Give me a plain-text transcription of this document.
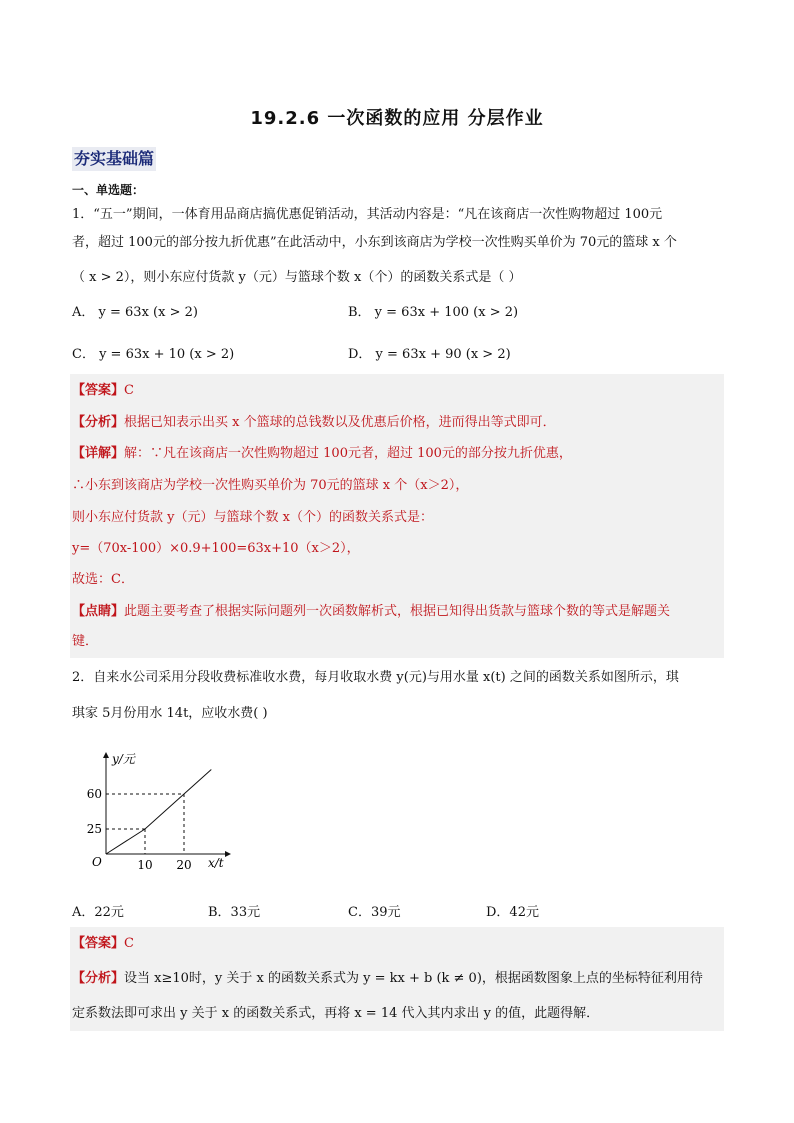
19.2.6 一次函数的应用 分层作业
夯实基础篇
一、单选题：
1．“五一”期间，一体育用品商店搞优惠促销活动，其活动内容是：“凡在该商店一次性购物超过 100元
者，超过 100元的部分按九折优惠”在此活动中，小东到该商店为学校一次性购买单价为 70元的篮球 x 个
（ x > 2），则小东应付货款 y（元）与篮球个数 x（个）的函数关系式是（ ）
A． y = 63x (x > 2)	B． y = 63x + 100 (x > 2)
C． y = 63x + 10 (x > 2)	D． y = 63x + 90 (x > 2)
【答案】C
【分析】根据已知表示出买 x 个篮球的总钱数以及优惠后价格，进而得出等式即可．
【详解】解：∵凡在该商店一次性购物超过 100元者，超过 100元的部分按九折优惠，
∴小东到该商店为学校一次性购买单价为 70元的篮球 x 个（x＞2），
则小东应付货款 y（元）与篮球个数 x（个）的函数关系式是：
y=（70x-100）×0.9+100=63x+10（x＞2），
故选：C．
【点睛】此题主要考查了根据实际问题列一次函数解析式，根据已知得出货款与篮球个数的等式是解题关
键．
2．自来水公司采用分段收费标准收水费，每月收取水费 y(元)与用水量 x(t) 之间的函数关系如图所示，琪
琪家 5月份用水 14t，应收水费( )
y/元
x/t
O	10 20
25
60
A．22元	B．33元	C．39元	D．42元
【答案】C
【分析】设当 x≥10时，y 关于 x 的函数关系式为 y = kx + b (k ≠ 0)，根据函数图象上点的坐标特征利用待
定系数法即可求出 y 关于 x 的函数关系式，再将 x = 14 代入其内求出 y 的值，此题得解．
